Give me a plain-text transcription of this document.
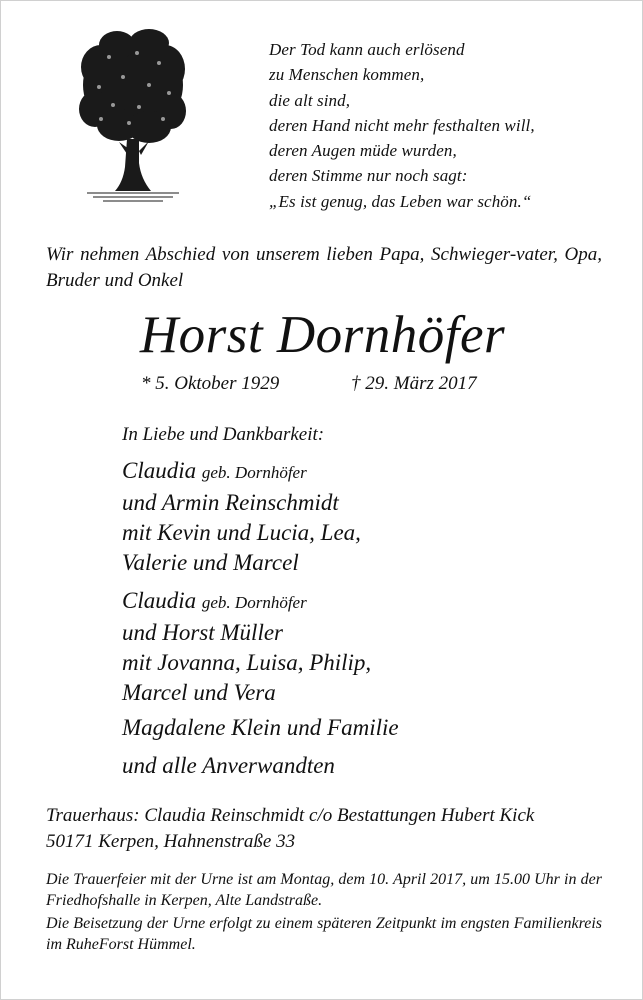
Der Tod kann auch erlösend
zu Menschen kommen,
die alt sind,
deren Hand nicht mehr festhalten will,
deren Augen müde wurden,
deren Stimme nur noch sagt:
„Es ist genug, das Leben war schön.“
Wir nehmen Abschied von unserem lieben Papa, Schwieger-vater, Opa, Bruder und Onkel
Horst Dornhöfer
* 5. Oktober 1929	† 29. März 2017
In Liebe und Dankbarkeit:
Claudia geb. Dornhöfer
und Armin Reinschmidt
mit Kevin und Lucia, Lea,
Valerie und Marcel
Claudia geb. Dornhöfer
und Horst Müller
mit Jovanna, Luisa, Philip,
Marcel und Vera
Magdalene Klein und Familie
und alle Anverwandten
Trauerhaus: Claudia Reinschmidt c/o Bestattungen Hubert Kick
50171 Kerpen, Hahnenstraße 33

Die Trauerfeier mit der Urne ist am Montag, dem 10. April 2017, um 15.00 Uhr in der Friedhofshalle in Kerpen, Alte Landstraße.

Die Beisetzung der Urne erfolgt zu einem späteren Zeitpunkt im engsten Familienkreis im RuheForst Hümmel.
